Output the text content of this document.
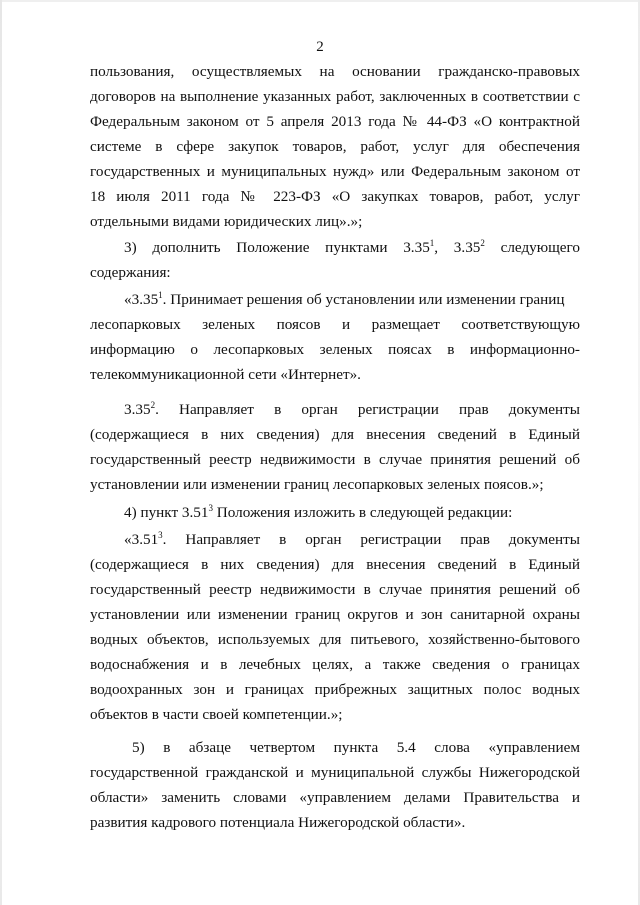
2
пользования, осуществляемых на основании гражданско-правовых
договоров на выполнение указанных работ, заключенных в соответствии с
Федеральным законом от 5 апреля 2013 года № 44-ФЗ «О контрактной
системе в сфере закупок товаров, работ, услуг для обеспечения
государственных и муниципальных нужд» или Федеральным законом от
18 июля 2011 года № 223-ФЗ «О закупках товаров, работ, услуг
отдельными видами юридических лиц».»;
3) дополнить Положение пунктами 3.35$^1$, 3.35$^2$ следующего
содержания:
«3.35$^1$. Принимает решения об установлении или изменении границ
лесопарковых зеленых поясов и размещает соответствующую
информацию о лесопарковых зеленых поясах в информационно-
телекоммуникационной сети «Интернет».
3.35$^2$. Направляет в орган регистрации прав документы
(содержащиеся в них сведения) для внесения сведений в Единый
государственный реестр недвижимости в случае принятия решений об
установлении или изменении границ лесопарковых зеленых поясов.»;
4) пункт 3.51$^3$ Положения изложить в следующей редакции:
«3.51$^3$. Направляет в орган регистрации прав документы
(содержащиеся в них сведения) для внесения сведений в Единый
государственный реестр недвижимости в случае принятия решений об
установлении или изменении границ округов и зон санитарной охраны
водных объектов, используемых для питьевого, хозяйственно-бытового
водоснабжения и в лечебных целях, а также сведения о границах
водоохранных зон и границах прибрежных защитных полос водных
объектов в части своей компетенции.»;
5) в абзаце четвертом пункта 5.4 слова «управлением
государственной гражданской и муниципальной службы Нижегородской
области» заменить словами «управлением делами Правительства и
развития кадрового потенциала Нижегородской области».
